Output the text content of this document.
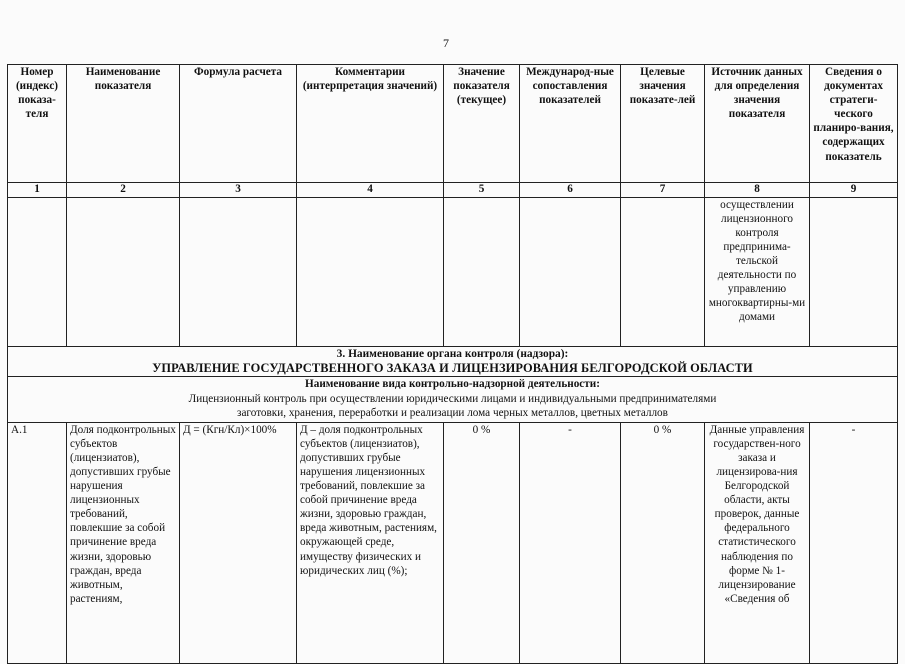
7
Номер (индекс) показа-теля	Наименование показателя	Формула расчета	Комментарии (интерпретация значений)	Значение показателя (текущее)	Международ-ные сопоставления показателей	Целевые значения показате-лей	Источник данных для определения значения показателя	Сведения о документах стратеги-ческого планиро-вания, содержащих показатель
1	2	3	4	5	6	7	8	9
							осуществлении лицензионного контроля предпринима-тельской деятельности по управлению многоквартирны-ми домами	

3. Наименование органа контроля (надзора):
УПРАВЛЕНИЕ ГОСУДАРСТВЕННОГО ЗАКАЗА И ЛИЦЕНЗИРОВАНИЯ БЕЛГОРОДСКОЙ ОБЛАСТИ								

Наименование вида контрольно-надзорной деятельности:
Лицензионный контроль при осуществлении юридическими лицами и индивидуальными предпринимателями
заготовки, хранения, переработки и реализации лома черных металлов, цветных металлов								

А.1	Доля подконтрольных субъектов (лицензиатов), допустивших грубые нарушения лицензионных требований, повлекшие за собой причинение вреда жизни, здоровью граждан, вреда животным, растениям,	Д = (Кгн/Кл)×100%	Д – доля подконтрольных субъектов (лицензиатов), допустивших грубые нарушения лицензионных требований, повлекшие за собой причинение вреда жизни, здоровью граждан, вреда животным, растениям, окружающей среде, имуществу физических и юридических лиц (%);	0 %	-	0 %	Данные управления государствен-ного заказа и лицензирова-ния Белгородской области, акты проверок, данные федерального статистического наблюдения по форме № 1-лицензирование «Сведения об	-
